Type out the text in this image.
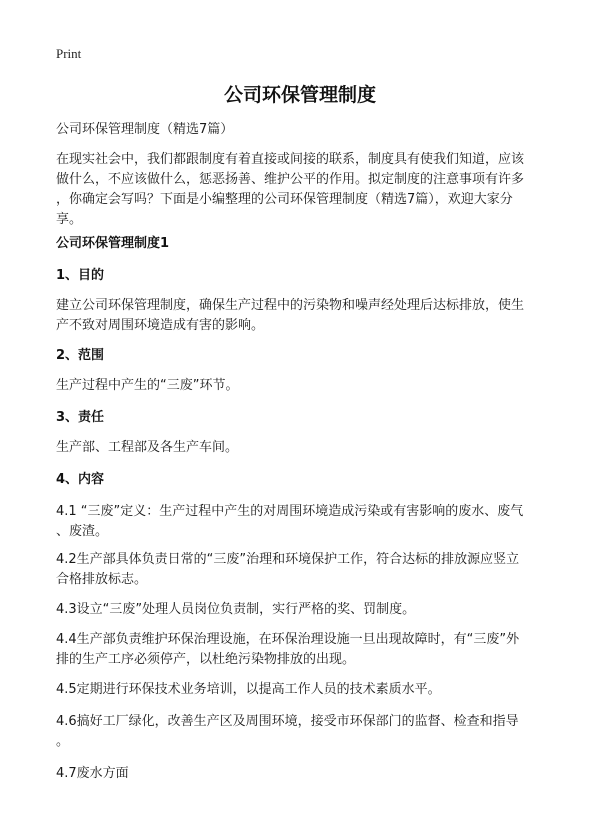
Print
公司环保管理制度
公司环保管理制度（精选7篇）
在现实社会中，我们都跟制度有着直接或间接的联系，制度具有使我们知道，应该
做什么，不应该做什么，惩恶扬善、维护公平的作用。拟定制度的注意事项有许多
，你确定会写吗？下面是小编整理的公司环保管理制度（精选7篇），欢迎大家分
享。
公司环保管理制度1
1、目的
建立公司环保管理制度，确保生产过程中的污染物和噪声经处理后达标排放，使生
产不致对周围环境造成有害的影响。
2、范围
生产过程中产生的“三废”环节。
3、责任
生产部、工程部及各生产车间。
4、内容
4.1 “三废”定义：生产过程中产生的对周围环境造成污染或有害影响的废水、废气
、废渣。
4.2生产部具体负责日常的“三废”治理和环境保护工作，符合达标的排放源应竖立
合格排放标志。
4.3设立“三废”处理人员岗位负责制，实行严格的奖、罚制度。
4.4生产部负责维护环保治理设施，在环保治理设施一旦出现故障时，有“三废”外
排的生产工序必须停产，以杜绝污染物排放的出现。
4.5定期进行环保技术业务培训，以提高工作人员的技术素质水平。
4.6搞好工厂绿化，改善生产区及周围环境，接受市环保部门的监督、检查和指导
。
4.7废水方面
